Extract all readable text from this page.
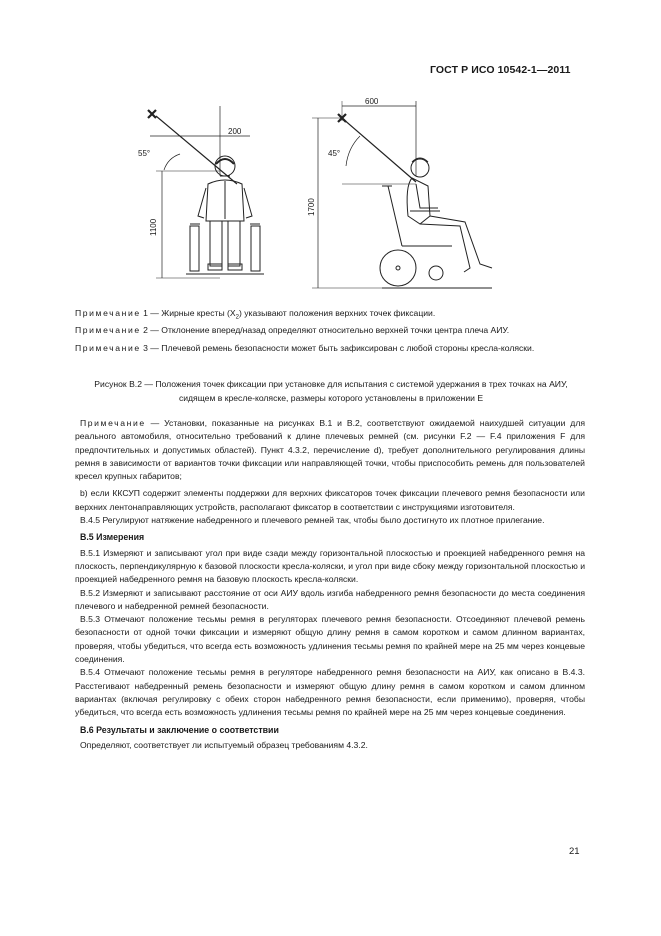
ГОСТ Р ИСО 10542-1—2011
200
1100
55°
600
1700
45°
Примечание 1 — Жирные кресты $(X_2)$ указывают положения верхних точек фиксации.
Примечание 2 — Отклонение вперед/назад определяют относительно верхней точки центра плеча АИУ.
Примечание 3 — Плечевой ремень безопасности может быть зафиксирован с любой стороны кресла-коляски.
Рисунок В.2 — Положения точек фиксации при установке для испытания с системой удержания в трех точках на АИУ, сидящем в кресле-коляске, размеры которого установлены в приложении Е

Примечание — Установки, показанные на рисунках В.1 и В.2, соответствуют ожидаемой наихудшей ситуации для реального автомобиля, относительно требований к длине плечевых ремней (см. рисунки F.2 — F.4 приложения F для предпочтительных и допустимых областей). Пункт 4.3.2, перечисление d), требует дополнительного регулирования длины ремня в зависимости от вариантов точки фиксации или направляющей точки, чтобы приспособить ремень для пользователей кресел крупных габаритов;

b) если ККСУП содержит элементы поддержки для верхних фиксаторов точек фиксации плечевого ремня безопасности или верхних лентонаправляющих устройств, располагают фиксатор в соответствии с инструкциями изготовителя.

В.4.5 Регулируют натяжение набедренного и плечевого ремней так, чтобы было достигнуто их плотное прилегание.

В.5 Измерения

В.5.1 Измеряют и записывают угол при виде сзади между горизонтальной плоскостью и проекцией набедренного ремня на плоскость, перпендикулярную к базовой плоскости кресла-коляски, и угол при виде сбоку между горизонтальной плоскостью и проекцией набедренного ремня на базовую плоскость кресла-коляски.

В.5.2 Измеряют и записывают расстояние от оси АИУ вдоль изгиба набедренного ремня безопасности до места соединения плечевого и набедренной ремней безопасности.

В.5.3 Отмечают положение тесьмы ремня в регуляторах плечевого ремня безопасности. Отсоединяют плечевой ремень безопасности от одной точки фиксации и измеряют общую длину ремня в самом коротком и самом длинном вариантах, проверяя, чтобы убедиться, что всегда есть возможность удлинения тесьмы ремня по крайней мере на 25 мм через концевые соединения.

В.5.4 Отмечают положение тесьмы ремня в регуляторе набедренного ремня безопасности на АИУ, как описано в В.4.3. Расстегивают набедренный ремень безопасности и измеряют общую длину ремня в самом коротком и самом длинном вариантах (включая регулировку с обеих сторон набедренного ремня безопасности, если применимо), проверяя, чтобы убедиться, что всегда есть возможность удлинения тесьмы ремня по крайней мере на 25 мм через концевые соединения.

В.6 Результаты и заключение о соответствии

Определяют, соответствует ли испытуемый образец требованиям 4.3.2.

21
